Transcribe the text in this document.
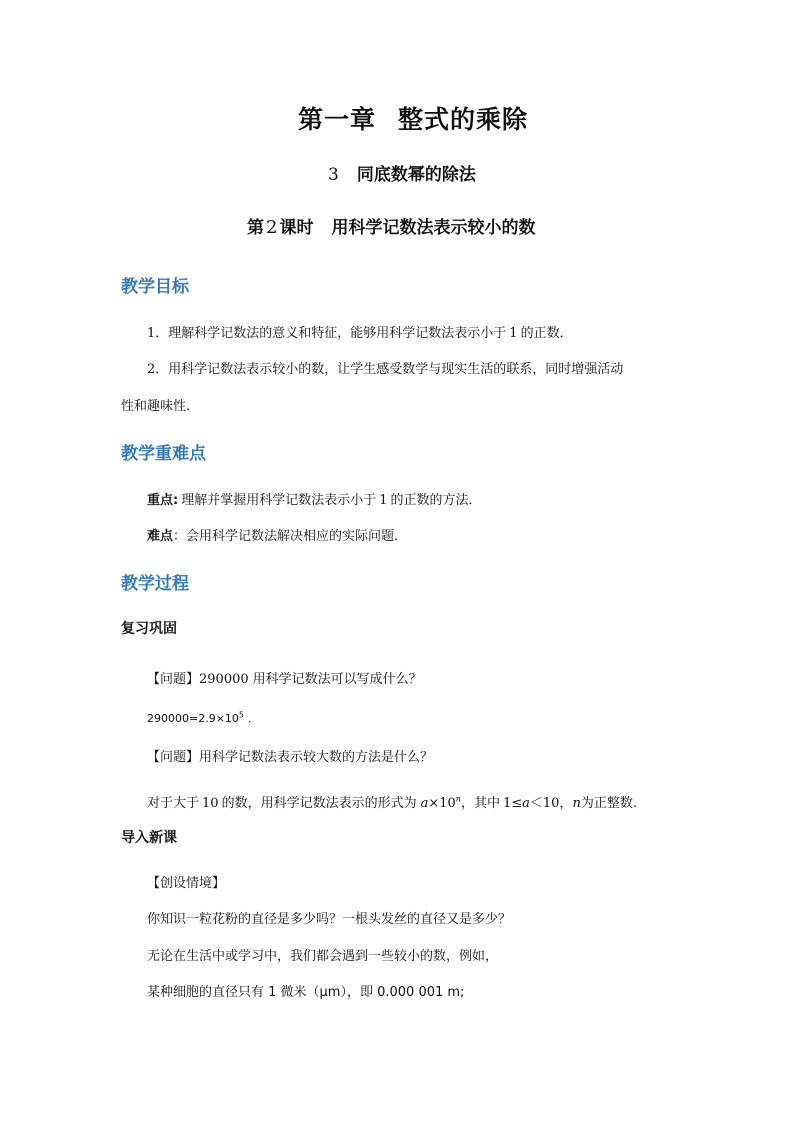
第一章 整式的乘除
3 同底数幂的除法
第 2 课时 用科学记数法表示较小的数
教学目标
1．理解科学记数法的意义和特征，能够用科学记数法表示小于 1 的正数．
2．用科学记数法表示较小的数，让学生感受数学与现实生活的联系，同时增强活动
性和趣味性．
教学重难点
重点: 理解并掌握用科学记数法表示小于 1 的正数的方法．
难点：会用科学记数法解决相应的实际问题．
教学过程
复习巩固
【问题】290000 用科学记数法可以写成什么？
$290000=2.9\times 10^5$ ．
【问题】用科学记数法表示较大数的方法是什么？
对于大于 10 的数，用科学记数法表示的形式为 $a\times 10^n$，其中 1≤a＜10，n为正整数.
导入新课
【创设情境】
你知识一粒花粉的直径是多少吗？一根头发丝的直径又是多少？
无论在生活中或学习中，我们都会遇到一些较小的数，例如，
某种细胞的直径只有 1 微米（μm），即 0.000 001 m;
